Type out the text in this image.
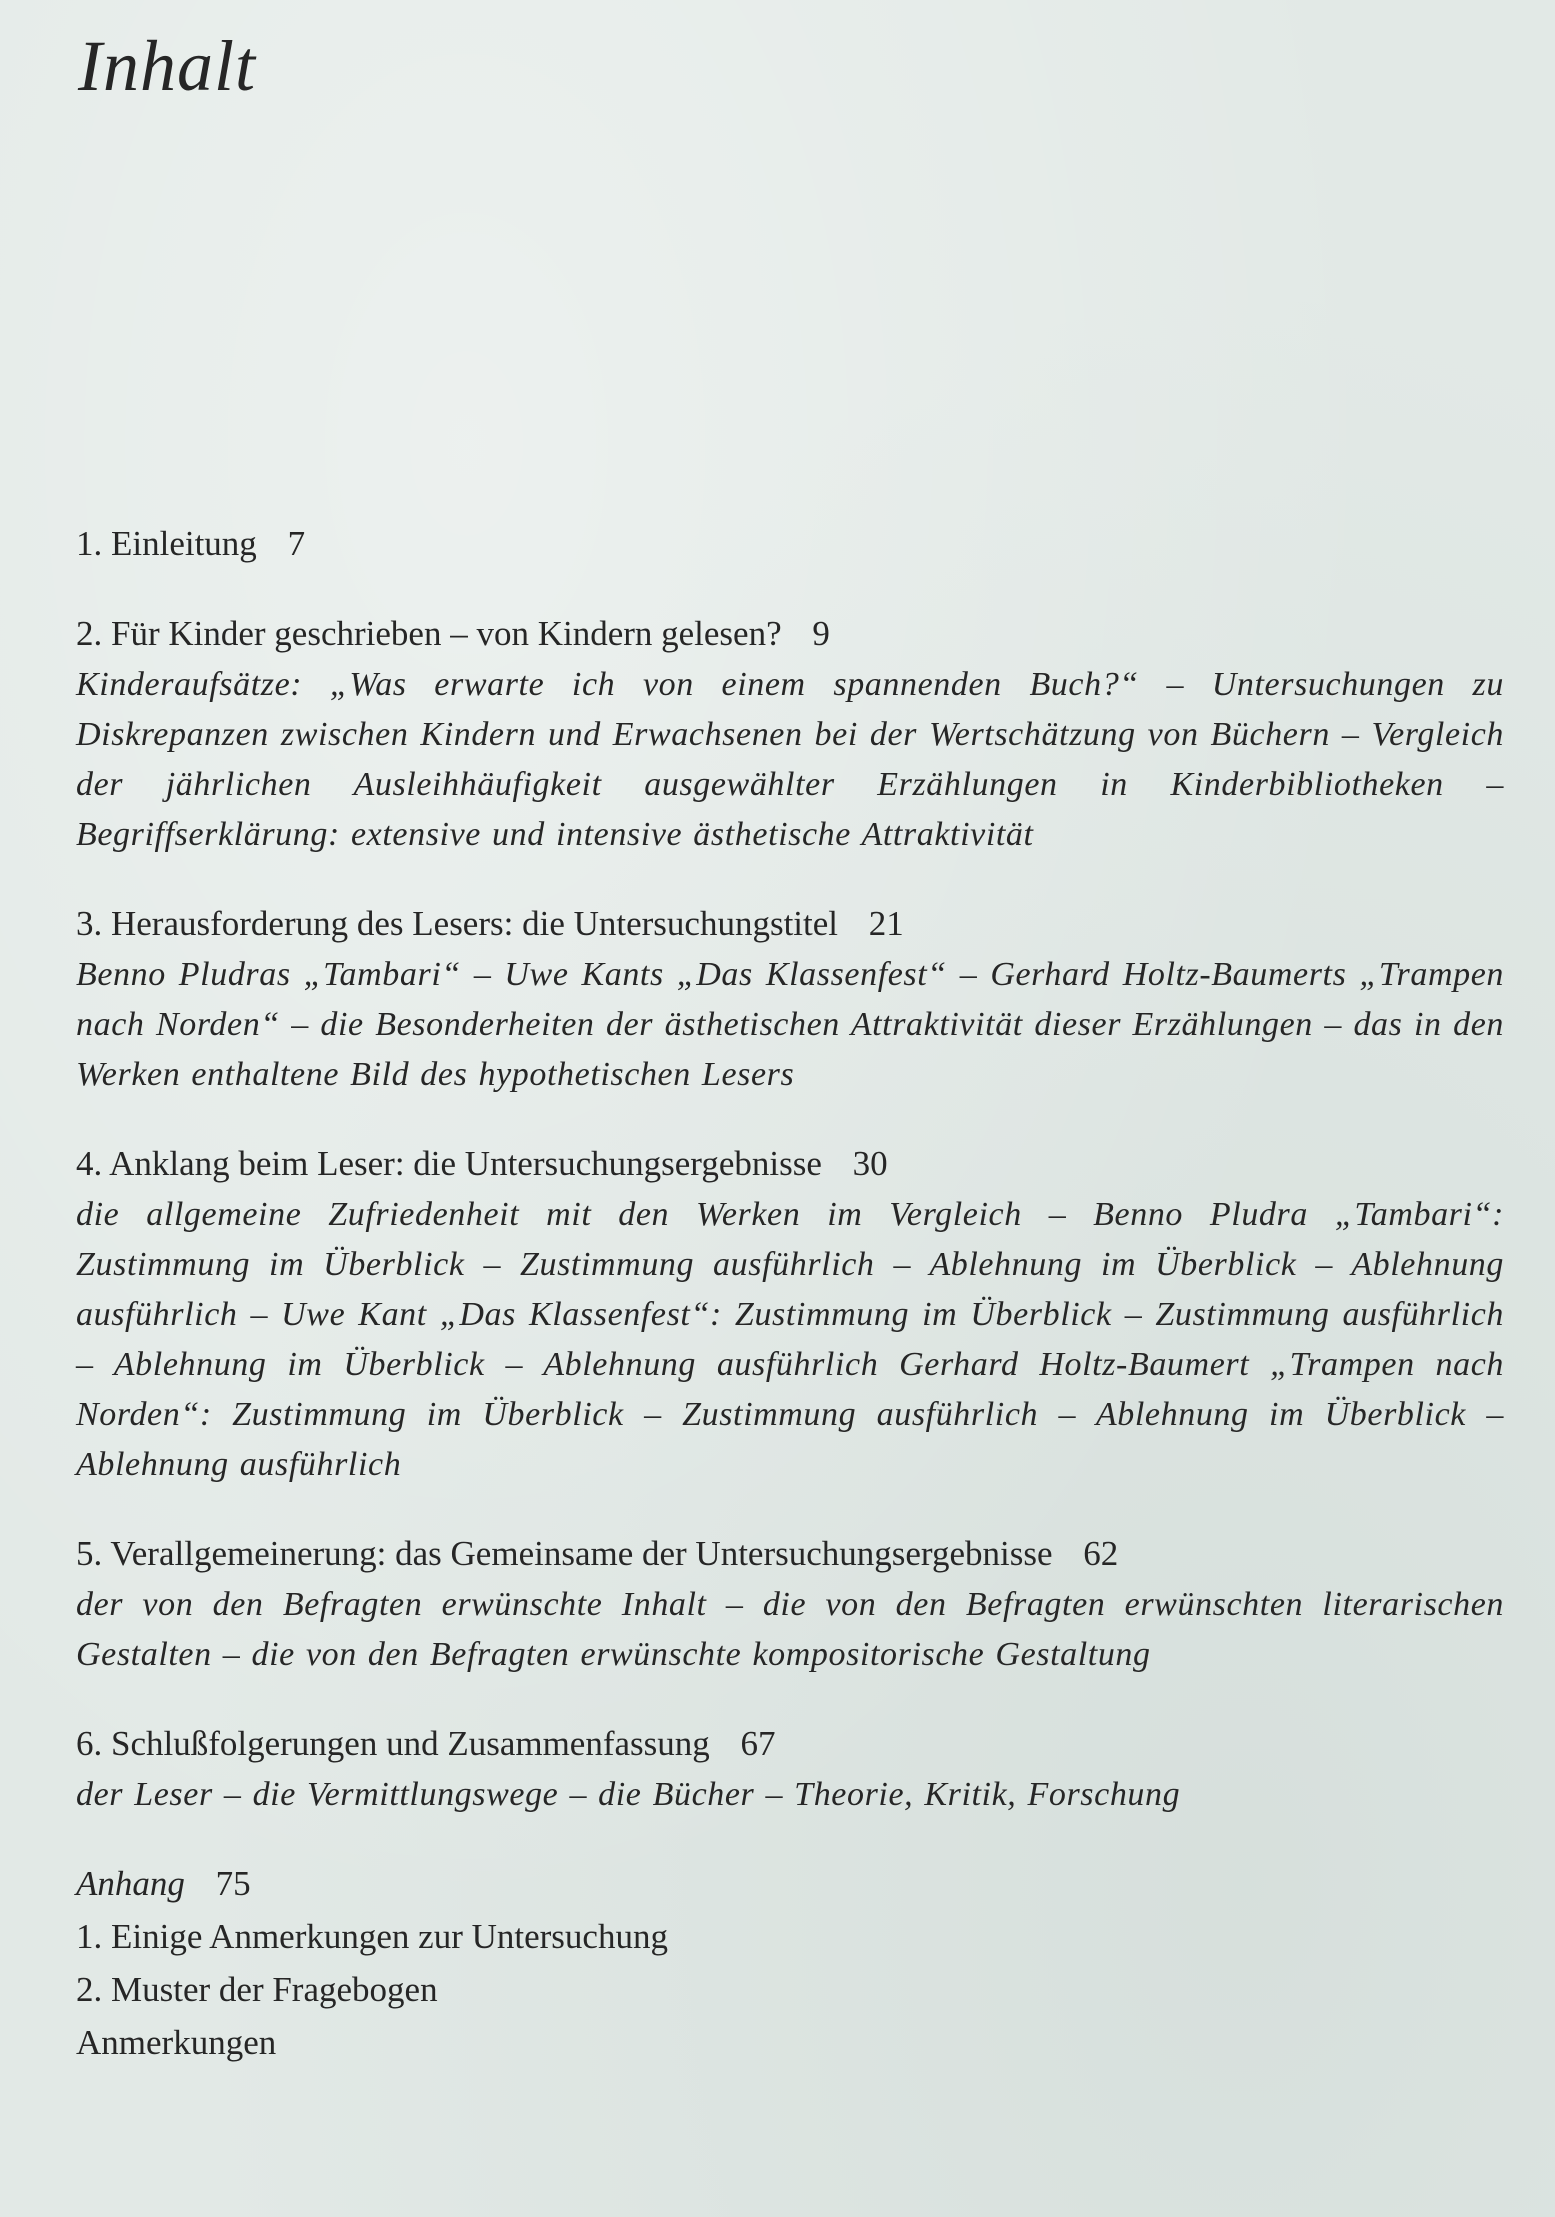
Inhalt
1. Einleitung 7
2. Für Kinder geschrieben – von Kindern gelesen? 9
Kinderaufsätze: „Was erwarte ich von einem spannenden Buch?“ – Untersuchungen zu Diskrepanzen zwischen Kindern und Erwachsenen bei der Wertschätzung von Büchern – Vergleich der jährlichen Ausleihhäufigkeit ausgewählter Erzählungen in Kinderbibliotheken – Begriffserklärung: extensive und intensive ästhetische Attraktivität
3. Herausforderung des Lesers: die Untersuchungstitel 21
Benno Pludras „Tambari“ – Uwe Kants „Das Klassenfest“ – Gerhard Holtz-Baumerts „Trampen nach Norden“ – die Besonderheiten der ästhetischen Attraktivität dieser Erzählungen – das in den Werken enthaltene Bild des hypothetischen Lesers
4. Anklang beim Leser: die Untersuchungsergebnisse 30
die allgemeine Zufriedenheit mit den Werken im Vergleich – Benno Pludra „Tambari“: Zustimmung im Überblick – Zustimmung ausführlich – Ablehnung im Überblick – Ablehnung ausführlich – Uwe Kant „Das Klassenfest“: Zustimmung im Überblick – Zustimmung ausführlich – Ablehnung im Überblick – Ablehnung ausführlich Gerhard Holtz-Baumert „Trampen nach Norden“: Zustimmung im Überblick – Zustimmung ausführlich – Ablehnung im Überblick – Ablehnung ausführlich
5. Verallgemeinerung: das Gemeinsame der Untersuchungsergebnisse 62
der von den Befragten erwünschte Inhalt – die von den Befragten erwünschten literarischen Gestalten – die von den Befragten erwünschte kompositorische Gestaltung
6. Schlußfolgerungen und Zusammenfassung 67
der Leser – die Vermittlungswege – die Bücher – Theorie, Kritik, Forschung
Anhang 75
1. Einige Anmerkungen zur Untersuchung
2. Muster der Fragebogen
Anmerkungen
